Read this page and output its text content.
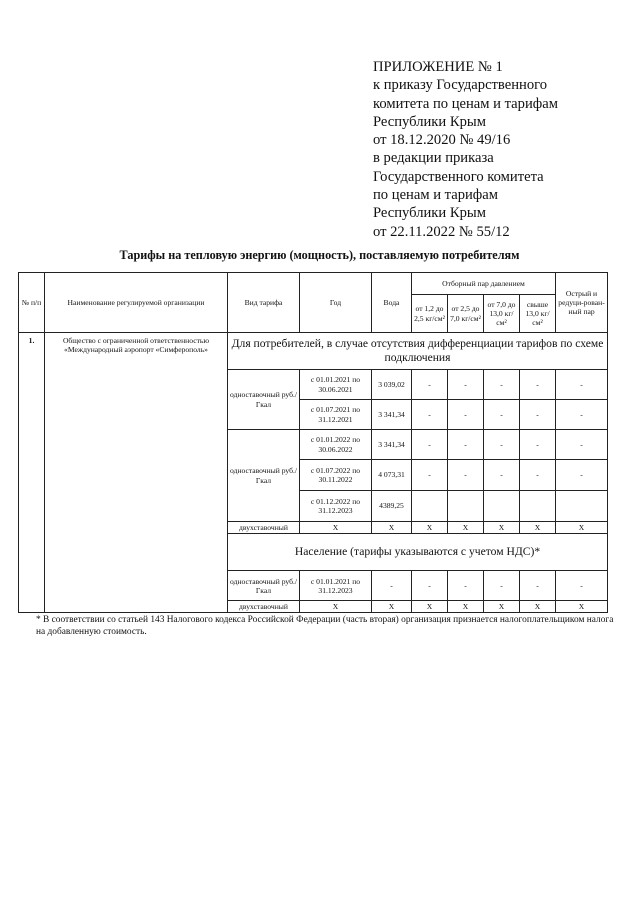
ПРИЛОЖЕНИЕ № 1
к приказу Государственного
комитета по ценам и тарифам
Республики Крым
от 18.12.2020 № 49/16
в редакции приказа
Государственного комитета
по ценам и тарифам
Республики Крым
от 22.11.2022 № 55/12
Тарифы на тепловую энергию (мощность), поставляемую потребителям
№ п/п	Наименование регулируемой организации	Вид тарифа	Год	Вода	Отборный пар давлением				Острый и редуци-рован-ный пар
					от 1,2 до 2,5 кг/см²	от 2,5 до 7,0 кг/см²	от 7,0 до 13,0 кг/см²	свыше 13,0 кг/см²	
1.	Общество с ограниченной ответственностью «Международный аэропорт «Симферополь»	Для потребителей, в случае отсутствия дифференциации тарифов по схеме подключения							
		одноставочный руб./Гкал	с 01.01.2021 по 30.06.2021	3 039,02	-	-	-	-	-
			с 01.07.2021 по 31.12.2021	3 341,34	-	-	-	-	-
		одноставочный руб./Гкал	с 01.01.2022 по 30.06.2022	3 341,34	-	-	-	-	-
			с 01.07.2022 по 30.11.2022	4 073,31	-	-	-	-	-
			с 01.12.2022 по 31.12.2023	4389,25					
		двухставочный	X	X	X	X	X	X	X
		Население (тарифы указываются с учетом НДС)*							
		одноставочный руб./Гкал	с 01.01.2021 по 31.12.2023	-	-	-	-	-	-
		двухставочный	X	X	X	X	X	X	X
* В соответствии со статьей 143 Налогового кодекса Российской Федерации (часть вторая) организация признается налогоплательщиком налога на добавленную стоимость.
